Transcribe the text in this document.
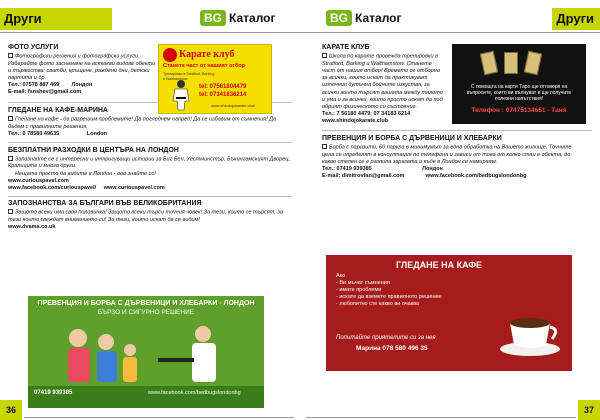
Други	BG Каталог
ФОТО УСЛУГИ

Фотографски решения и фотографски услуги. Изберайте фото заснемане на всякакви видове обекти и тържества: сватби, кръщене, раждени дни, детски партита и др.

Тел.: 07578 887 469 Лондон

E-mail: fsnshev@gmail.com

ГЛЕДАНЕ НА КАФЕ-МАРИНА

Гледане на кафе - да разрешим проблемите! Да погледнем напред! Да се избавим от съмнения! Да бъдем с правилните решения.

Тел.: 0 78580 49635	London

БЕЗПЛАТНИ РАЗХОДКИ В ЦЕНТЪРА НА ЛОНДОН

Запознайте се с интересни и интригуващи истории за Биг Бен, Уестминстър, Бъкингамският Дворец, Кралиците и много други.

Нещата просто да видите в Лондон - ооо знайте со!

www.curiouspavel.com

www.facebook.com/curiouspavel/ www.curiouspavel.com

ЗАПОЗНАНСТВА ЗА БЪЛГАРИ ВЪВ ВЕЛИКОБРИТАНИЯ

Защото всеки има своя половинка! Защото всеки търси точния човек! За тези, които се търсят, за тези които свеждат вниманието си! За тези, които искат да се видим!

www.dvama.co.uk

Карате клуб
Станете част от нашият отбор
Тренировки в Stratford, Barking и Walthamstow
tel: 07561804479
tel: 07341836214
www.shindojokarate.club
ПРЕВЕНЦИЯ И БОРБА С ДЪРВЕНИЦИ И ХЛЕБАРКИ - ЛОНДОН
БЪРЗО И СИГУРНО РЕШЕНИЕ
07419 939385	www.facebook.com/bedbugslondonbg
36
BG Каталог	Други
КАРАТЕ КЛУБ

Школа по карате провежда тренировки в Stratford, Barking и Walthamstow. Станете част от нашия отбор! Времето се отборно за всички, които искат да практикуват източния дутъчна бойните изкуства, за всички които търсят вашата между тялото и ума и за всички, които просто искат да под обрият физическото си състояние.

Тел.: 7 56180 4479; 07 34183 6214

www.shindojokarate.club

ПРЕВЕНЦИЯ И БОРБА С ДЪРВЕНИЦИ И ХЛЕБАРКИ

Борба с паразити, 60 парура в минимумът за една обработка на Вашето жилище. Точните цена се определят в консултация по телефона и зависи от това от колко стаи е обекта, до какво степен се е разпила заразата и къде в Лондон се намирате.

Тел.: 07419 939385	Лондон

E-mail: dimitrovfan@gmail.com	www.facebook.com/bedbugslondonbg

С помощта на карти Таро ще отговоря на въпросите, които ви вълнуват и ще получите полезни напътствия!
Телефон : 07475134651 - Таня
ГЛЕДАНЕ НА КАФЕ
Ако
- Ви мъчат съмнения
- имате проблеми
- искате да вземете правилното решение
- любопитно сте какво ви очаква
Попитайте приятелите си за нея
Марина 078 580 496 35
37
